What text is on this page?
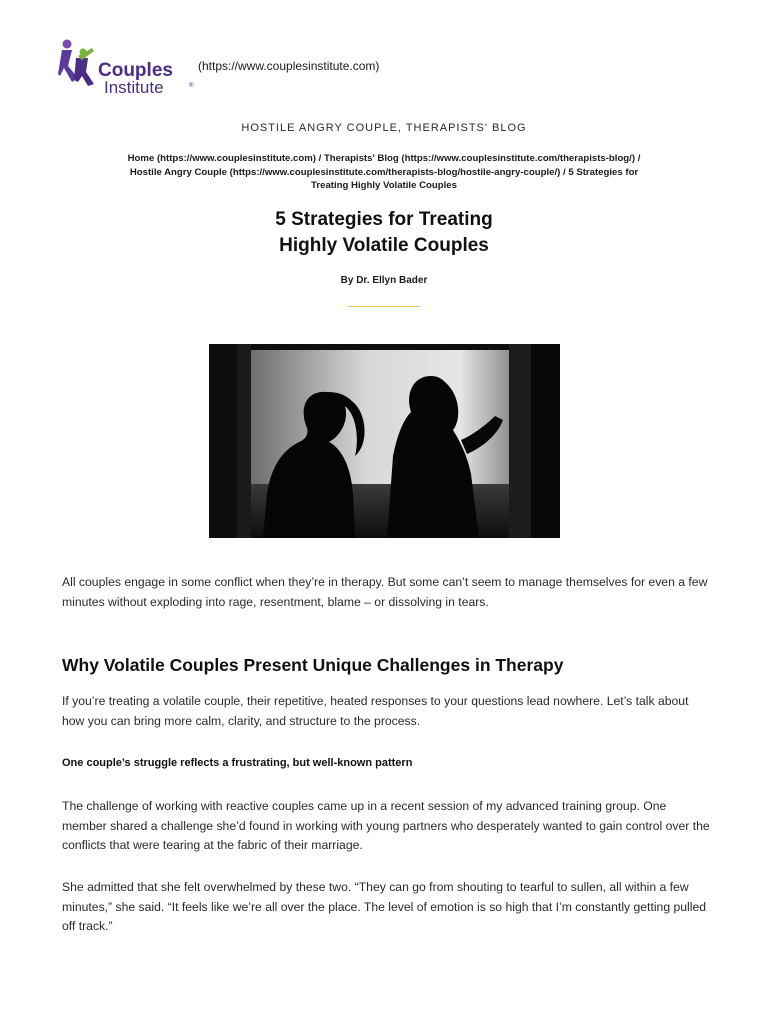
Couples
Institute	®
(https://www.couplesinstitute.com)
HOSTILE ANGRY COUPLE, THERAPISTS' BLOG
Home (https://www.couplesinstitute.com) / Therapists' Blog (https://www.couplesinstitute.com/therapists-blog/) /
Hostile Angry Couple (https://www.couplesinstitute.com/therapists-blog/hostile-angry-couple/) / 5 Strategies for
Treating Highly Volatile Couples
5 Strategies for Treating
Highly Volatile Couples
By Dr. Ellyn Bader

All couples engage in some conflict when they’re in therapy. But some can’t seem to manage themselves for even a few minutes without exploding into rage, resentment, blame – or dissolving in tears.

Why Volatile Couples Present Unique Challenges in Therapy

If you’re treating a volatile couple, their repetitive, heated responses to your questions lead nowhere. Let’s talk about how you can bring more calm, clarity, and structure to the process.

One couple’s struggle reflects a frustrating, but well-known pattern

The challenge of working with reactive couples came up in a recent session of my advanced training group. One member shared a challenge she’d found in working with young partners who desperately wanted to gain control over the conflicts that were tearing at the fabric of their marriage.

She admitted that she felt overwhelmed by these two. “They can go from shouting to tearful to sullen, all within a few minutes,” she said. “It feels like we’re all over the place. The level of emotion is so high that I’m constantly getting pulled off track.”
